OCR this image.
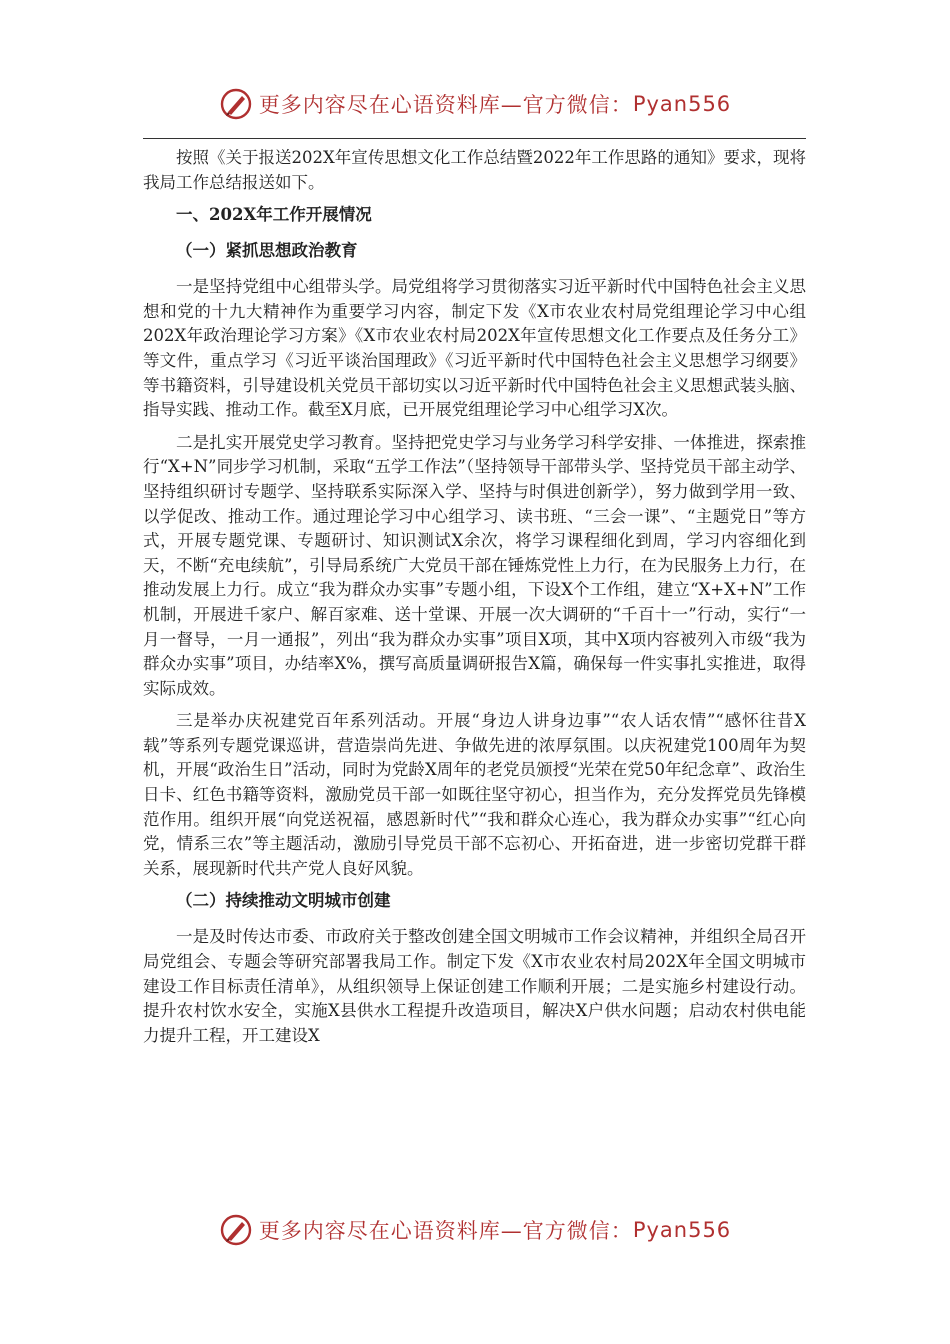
更多内容尽在心语资料库—官方微信： Pyan556

按照《关于报送202X年宣传思想文化工作总结暨2022年工作思路的通知》要求，现将我局工作总结报送如下。

一、202X年工作开展情况

（一）紧抓思想政治教育

一是坚持党组中心组带头学。局党组将学习贯彻落实习近平新时代中国特色社会主义思想和党的十九大精神作为重要学习内容，制定下发《X市农业农村局党组理论学习中心组202X年政治理论学习方案》《X市农业农村局202X年宣传思想文化工作要点及任务分工》等文件，重点学习《习近平谈治国理政》《习近平新时代中国特色社会主义思想学习纲要》等书籍资料，引导建设机关党员干部切实以习近平新时代中国特色社会主义思想武装头脑、指导实践、推动工作。截至X月底，已开展党组理论学习中心组学习X次。

二是扎实开展党史学习教育。坚持把党史学习与业务学习科学安排、一体推进，探索推行“X+N”同步学习机制，采取“五学工作法”（坚持领导干部带头学、坚持党员干部主动学、坚持组织研讨专题学、坚持联系实际深入学、坚持与时俱进创新学），努力做到学用一致、以学促改、推动工作。通过理论学习中心组学习、读书班、“三会一课”、“主题党日”等方式，开展专题党课、专题研讨、知识测试X余次，将学习课程细化到周，学习内容细化到天，不断“充电续航”，引导局系统广大党员干部在锤炼党性上力行，在为民服务上力行，在推动发展上力行。成立“我为群众办实事”专题小组，下设X个工作组，建立“X+X+N”工作机制，开展进千家户、解百家难、送十堂课、开展一次大调研的“千百十一”行动，实行“一月一督导，一月一通报”，列出“我为群众办实事”项目X项，其中X项内容被列入市级“我为群众办实事”项目，办结率X%，撰写高质量调研报告X篇，确保每一件实事扎实推进，取得实际成效。

三是举办庆祝建党百年系列活动。开展“身边人讲身边事”“农人话农情”“感怀往昔X载”等系列专题党课巡讲，营造崇尚先进、争做先进的浓厚氛围。以庆祝建党100周年为契机，开展“政治生日”活动，同时为党龄X周年的老党员颁授“光荣在党50年纪念章”、政治生日卡、红色书籍等资料，激励党员干部一如既往坚守初心，担当作为，充分发挥党员先锋模范作用。组织开展“向党送祝福，感恩新时代”“我和群众心连心，我为群众办实事”“红心向党，情系三农”等主题活动，激励引导党员干部不忘初心、开拓奋进，进一步密切党群干群关系，展现新时代共产党人良好风貌。

（二）持续推动文明城市创建

一是及时传达市委、市政府关于整改创建全国文明城市工作会议精神，并组织全局召开局党组会、专题会等研究部署我局工作。制定下发《X市农业农村局202X年全国文明城市建设工作目标责任清单》，从组织领导上保证创建工作顺利开展；二是实施乡村建设行动。提升农村饮水安全，实施X县供水工程提升改造项目，解决X户供水问题；启动农村供电能力提升工程，开工建设X

更多内容尽在心语资料库—官方微信： Pyan556
